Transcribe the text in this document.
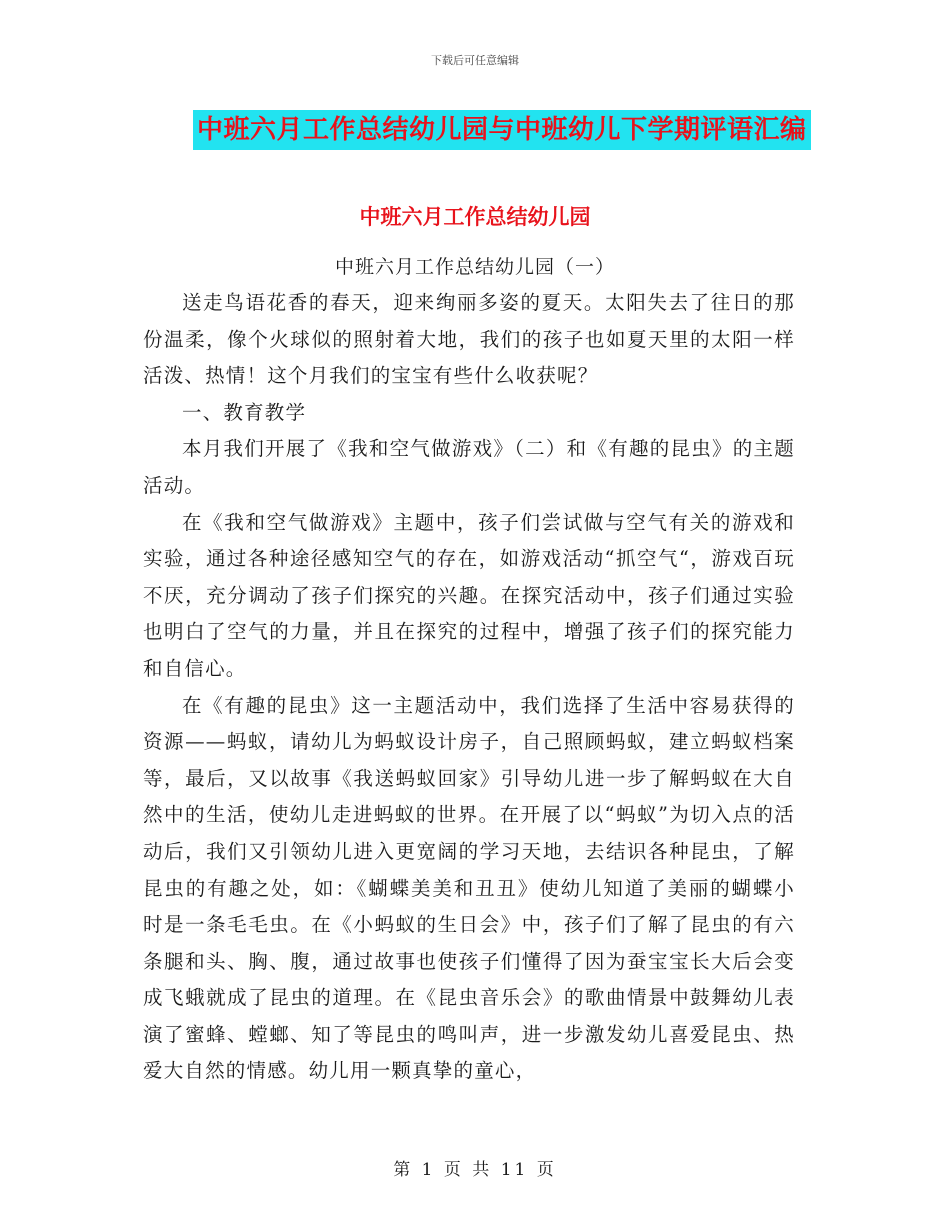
下载后可任意编辑
中班六月工作总结幼儿园与中班幼儿下学期评语汇编
中班六月工作总结幼儿园
中班六月工作总结幼儿园（一）

送走鸟语花香的春天，迎来绚丽多姿的夏天。太阳失去了往日的那份温柔，像个火球似的照射着大地，我们的孩子也如夏天里的太阳一样活泼、热情！这个月我们的宝宝有些什么收获呢？

一、教育教学

本月我们开展了《我和空气做游戏》（二）和《有趣的昆虫》的主题活动。

在《我和空气做游戏》主题中，孩子们尝试做与空气有关的游戏和实验，通过各种途径感知空气的存在，如游戏活动“抓空气“，游戏百玩不厌，充分调动了孩子们探究的兴趣。在探究活动中，孩子们通过实验也明白了空气的力量，并且在探究的过程中，增强了孩子们的探究能力和自信心。

在《有趣的昆虫》这一主题活动中，我们选择了生活中容易获得的资源——蚂蚁，请幼儿为蚂蚁设计房子，自己照顾蚂蚁，建立蚂蚁档案等，最后，又以故事《我送蚂蚁回家》引导幼儿进一步了解蚂蚁在大自然中的生活，使幼儿走进蚂蚁的世界。在开展了以“蚂蚁”为切入点的活动后，我们又引领幼儿进入更宽阔的学习天地，去结识各种昆虫，了解昆虫的有趣之处，如：《蝴蝶美美和丑丑》使幼儿知道了美丽的蝴蝶小时是一条毛毛虫。在《小蚂蚁的生日会》中，孩子们了解了昆虫的有六条腿和头、胸、腹，通过故事也使孩子们懂得了因为蚕宝宝长大后会变成飞蛾就成了昆虫的道理。在《昆虫音乐会》的歌曲情景中鼓舞幼儿表演了蜜蜂、螳螂、知了等昆虫的鸣叫声，进一步激发幼儿喜爱昆虫、热爱大自然的情感。幼儿用一颗真挚的童心，

第 1 页 共 11 页
